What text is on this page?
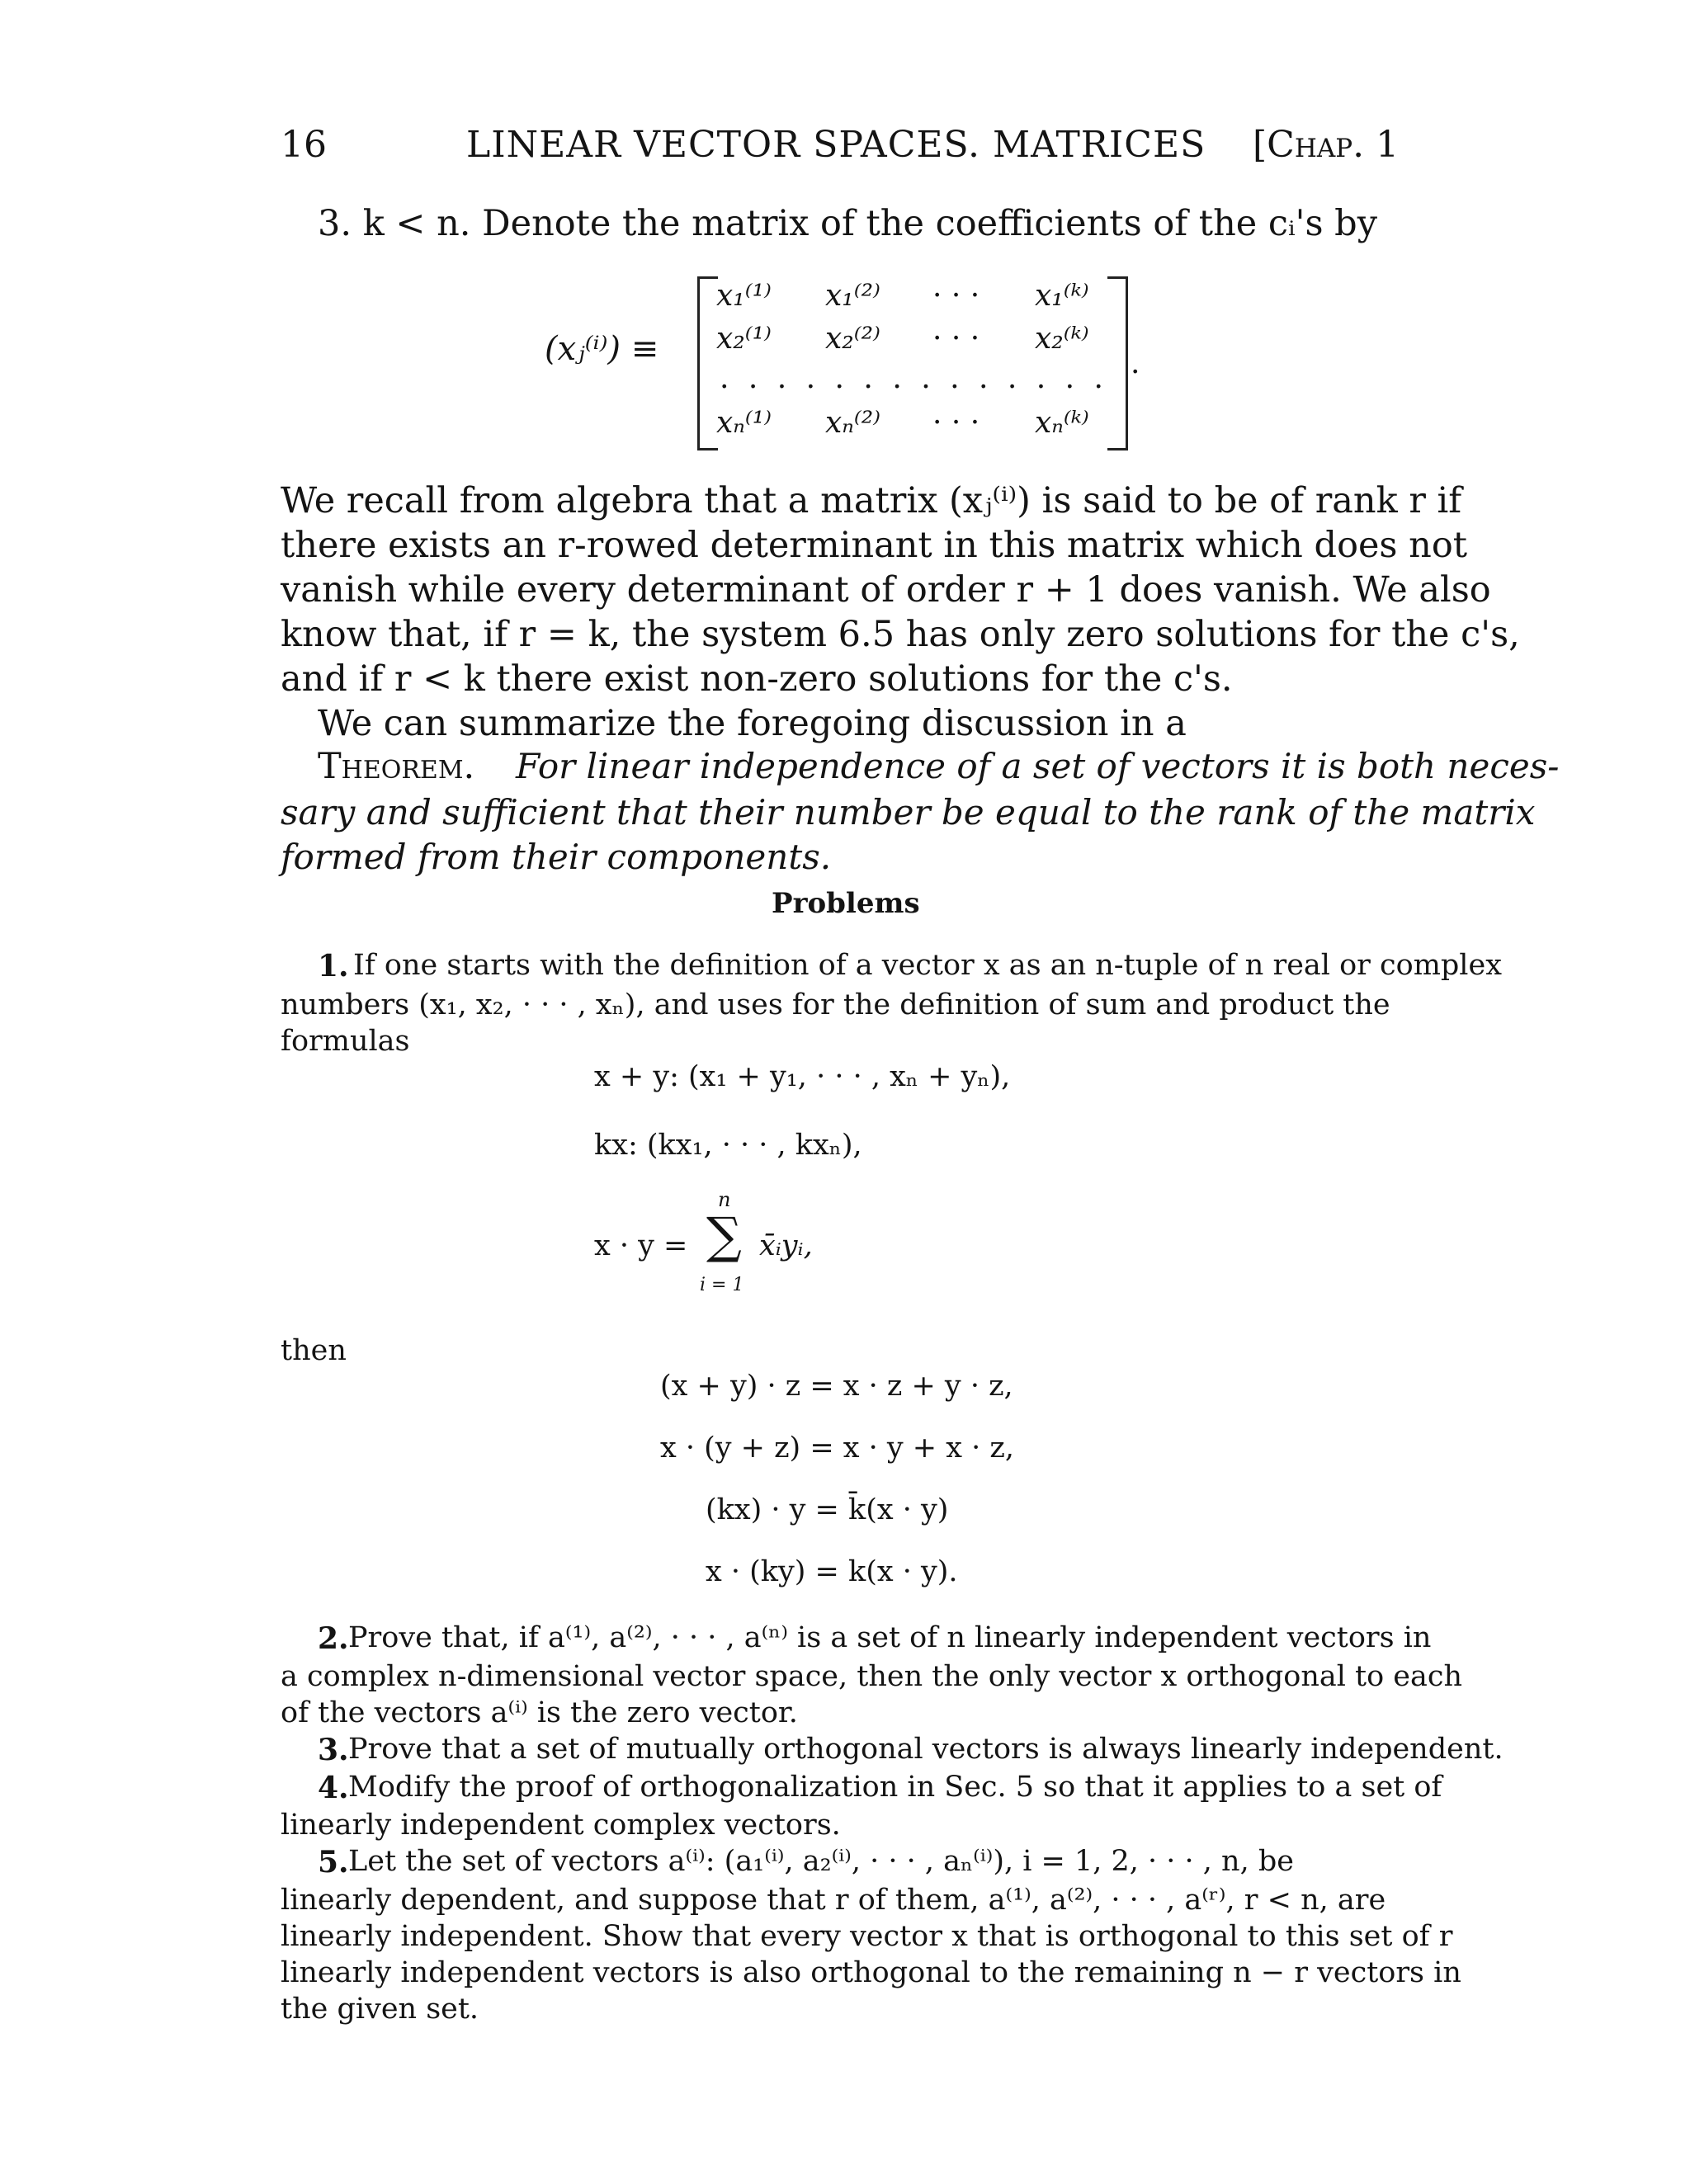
16	LINEAR VECTOR SPACES. MATRICES [Chap. 1
3. k < n. Denote the matrix of the coefficients of the cᵢ's by
(xⱼ⁽ⁱ⁾) ≡
x₁⁽¹⁾ x₁⁽²⁾ · · · x₁⁽ᵏ⁾
x₂⁽¹⁾ x₂⁽²⁾ · · · x₂⁽ᵏ⁾
. . . . . . . . . . . . . .
xₙ⁽¹⁾ xₙ⁽²⁾ · · · xₙ⁽ᵏ⁾
.
We recall from algebra that a matrix (xⱼ⁽ⁱ⁾) is said to be of rank r if
there exists an r-rowed determinant in this matrix which does not
vanish while every determinant of order r + 1 does vanish. We also
know that, if r = k, the system 6.5 has only zero solutions for the c's,
and if r < k there exist non-zero solutions for the c's.
We can summarize the foregoing discussion in a
Theorem. For linear independence of a set of vectors it is both neces-
sary and sufficient that their number be equal to the rank of the matrix
formed from their components.
Problems
1. If one starts with the definition of a vector x as an n-tuple of n real or complex
numbers (x₁, x₂, · · · , xₙ), and uses for the definition of sum and product the
formulas
x + y: (x₁ + y₁, · · · , xₙ + yₙ),
kx: (kx₁, · · · , kxₙ),
x · y =
n
∑
i = 1
x̄ᵢyᵢ,
then
(x + y) · z = x · z + y · z,
x · (y + z) = x · y + x · z,
(kx) · y = k̄(x · y)
x · (ky) = k(x · y).
2. Prove that, if a⁽¹⁾, a⁽²⁾, · · · , a⁽ⁿ⁾ is a set of n linearly independent vectors in
a complex n-dimensional vector space, then the only vector x orthogonal to each
of the vectors a⁽ⁱ⁾ is the zero vector.
3. Prove that a set of mutually orthogonal vectors is always linearly independent.
4. Modify the proof of orthogonalization in Sec. 5 so that it applies to a set of
linearly independent complex vectors.
5. Let the set of vectors a⁽ⁱ⁾: (a₁⁽ⁱ⁾, a₂⁽ⁱ⁾, · · · , aₙ⁽ⁱ⁾), i = 1, 2, · · · , n, be
linearly dependent, and suppose that r of them, a⁽¹⁾, a⁽²⁾, · · · , a⁽ʳ⁾, r < n, are
linearly independent. Show that every vector x that is orthogonal to this set of r
linearly independent vectors is also orthogonal to the remaining n − r vectors in
the given set.
